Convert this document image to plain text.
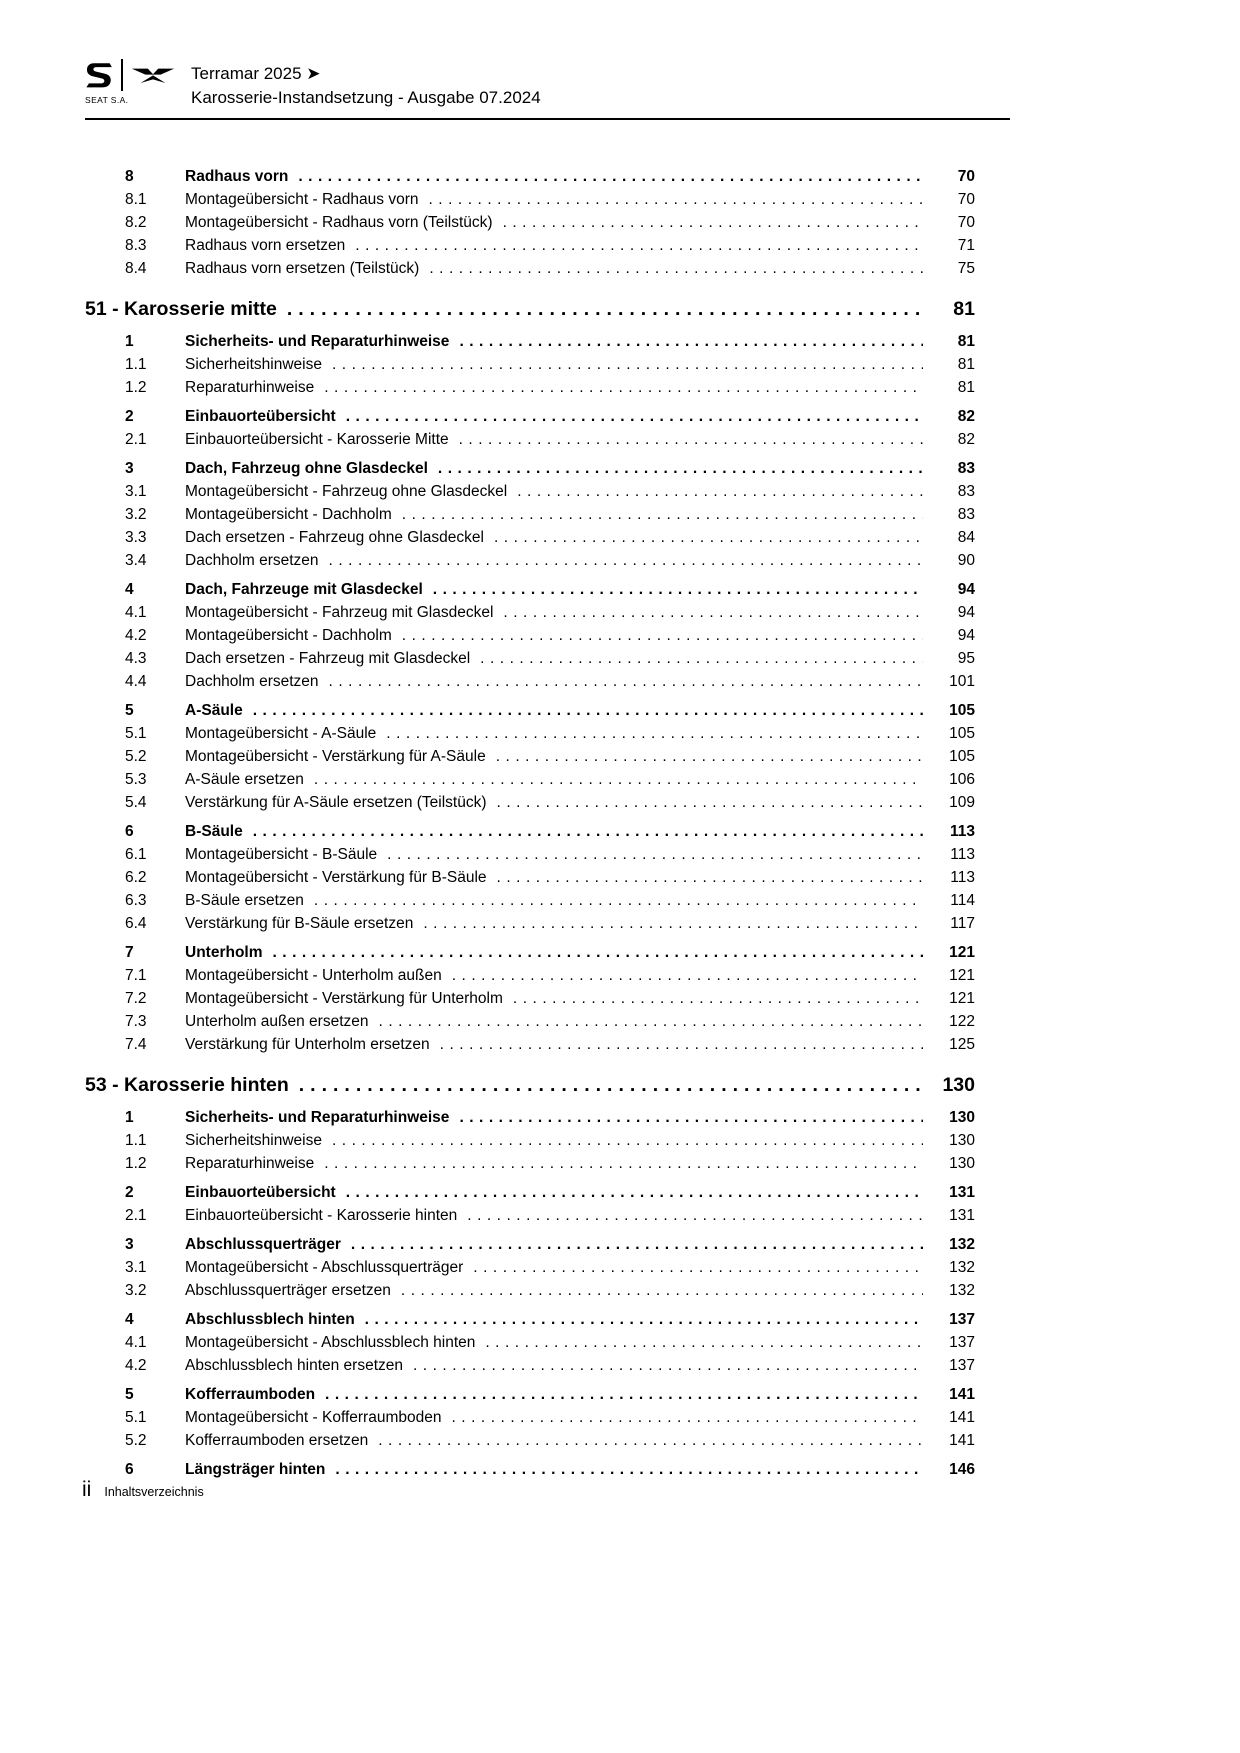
SEAT S.A.
Terramar 2025 ➤
Karosserie-Instandsetzung - Ausgabe 07.2024
8	Radhaus vorn .....	70
8.1	Montageübersicht - Radhaus vorn .....	70
8.2	Montageübersicht - Radhaus vorn (Teilstück) .....	70
8.3	Radhaus vorn ersetzen .....	71
8.4	Radhaus vorn ersetzen (Teilstück) .....	75
51 - Karosserie mitte .....	81
1	Sicherheits- und Reparaturhinweise .....	81
1.1	Sicherheitshinweise .....	81
1.2	Reparaturhinweise .....	81
2	Einbauorteübersicht .....	82
2.1	Einbauorteübersicht - Karosserie Mitte .....	82
3	Dach, Fahrzeug ohne Glasdeckel .....	83
3.1	Montageübersicht - Fahrzeug ohne Glasdeckel .....	83
3.2	Montageübersicht - Dachholm .....	83
3.3	Dach ersetzen - Fahrzeug ohne Glasdeckel .....	84
3.4	Dachholm ersetzen .....	90
4	Dach, Fahrzeuge mit Glasdeckel .....	94
4.1	Montageübersicht - Fahrzeug mit Glasdeckel .....	94
4.2	Montageübersicht - Dachholm .....	94
4.3	Dach ersetzen - Fahrzeug mit Glasdeckel .....	95
4.4	Dachholm ersetzen .....	101
5	A-Säule .....	105
5.1	Montageübersicht - A-Säule .....	105
5.2	Montageübersicht - Verstärkung für A-Säule .....	105
5.3	A-Säule ersetzen .....	106
5.4	Verstärkung für A-Säule ersetzen (Teilstück) .....	109
6	B-Säule .....	113
6.1	Montageübersicht - B-Säule .....	113
6.2	Montageübersicht - Verstärkung für B-Säule .....	113
6.3	B-Säule ersetzen .....	114
6.4	Verstärkung für B-Säule ersetzen .....	117
7	Unterholm .....	121
7.1	Montageübersicht - Unterholm außen .....	121
7.2	Montageübersicht - Verstärkung für Unterholm .....	121
7.3	Unterholm außen ersetzen .....	122
7.4	Verstärkung für Unterholm ersetzen .....	125
53 - Karosserie hinten .....	130
1	Sicherheits- und Reparaturhinweise .....	130
1.1	Sicherheitshinweise .....	130
1.2	Reparaturhinweise .....	130
2	Einbauorteübersicht .....	131
2.1	Einbauorteübersicht - Karosserie hinten .....	131
3	Abschlussquerträger .....	132
3.1	Montageübersicht - Abschlussquerträger .....	132
3.2	Abschlussquerträger ersetzen .....	132
4	Abschlussblech hinten .....	137
4.1	Montageübersicht - Abschlussblech hinten .....	137
4.2	Abschlussblech hinten ersetzen .....	137
5	Kofferraumboden .....	141
5.1	Montageübersicht - Kofferraumboden .....	141
5.2	Kofferraumboden ersetzen .....	141
6	Längsträger hinten .....	146
ii Inhaltsverzeichnis
